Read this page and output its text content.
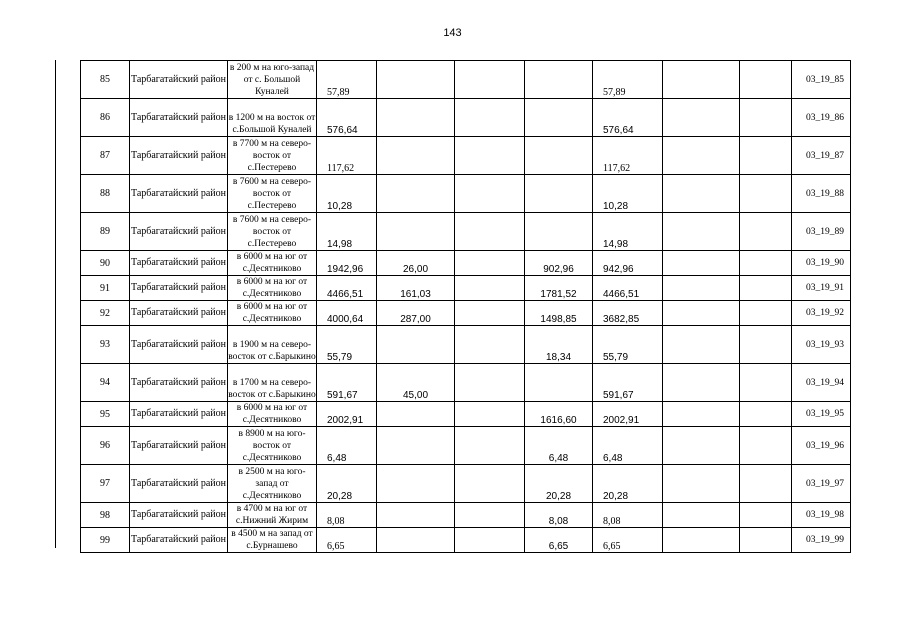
143
85	Тарбагатайский район	в 200 м на юго-запад от с. Большой Куналей	57,89				57,89			03_19_85
86	Тарбагатайский район	в 1200 м на восток от с.Большой Куналей	576,64				576,64			03_19_86
87	Тарбагатайский район	в 7700 м на северо-восток от с.Пестерево	117,62				117,62			03_19_87
88	Тарбагатайский район	в 7600 м на северо-восток от с.Пестерево	10,28				10,28			03_19_88
89	Тарбагатайский район	в 7600 м на северо-восток от с.Пестерево	14,98				14,98			03_19_89
90	Тарбагатайский район	в 6000 м на юг от с.Десятниково	1942,96	26,00		902,96	942,96			03_19_90
91	Тарбагатайский район	в 6000 м на юг от с.Десятниково	4466,51	161,03		1781,52	4466,51			03_19_91
92	Тарбагатайский район	в 6000 м на юг от с.Десятниково	4000,64	287,00		1498,85	3682,85			03_19_92
93	Тарбагатайский район	в 1900 м на северо-восток от с.Барыкино	55,79			18,34	55,79			03_19_93
94	Тарбагатайский район	в 1700 м на северо-восток от с.Барыкино	591,67	45,00			591,67			03_19_94
95	Тарбагатайский район	в 6000 м на юг от с.Десятниково	2002,91			1616,60	2002,91			03_19_95
96	Тарбагатайский район	в 8900 м на юго-восток от с.Десятниково	6,48			6,48	6,48			03_19_96
97	Тарбагатайский район	в 2500 м на юго-запад от с.Десятниково	20,28			20,28	20,28			03_19_97
98	Тарбагатайский район	в 4700 м на юг от с.Нижний Жирим	8,08			8,08	8,08			03_19_98
99	Тарбагатайский район	в 4500 м на запад от с.Бурнашево	6,65			6,65	6,65			03_19_99
